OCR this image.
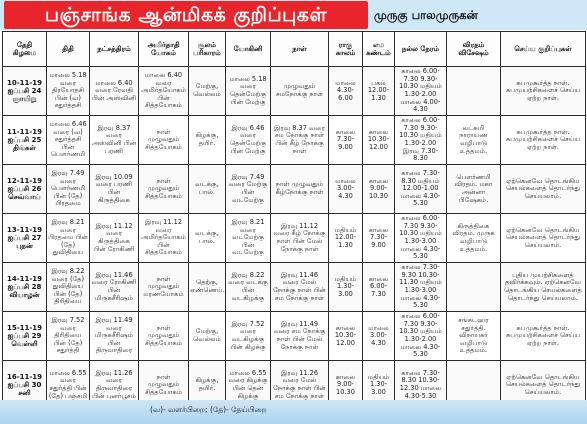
பஞ்சாங்க ஆன்மிகக் குறிப்புகள்	முருகு பாலமுருகன்
தேதி கிழமை	திதி	நட்சத்திரம்	அமிர்தாதி யோகம்	சூலம் பரிகாரம்	யோகினி	நாள்	ராகு காலம்	எம கண்டம்	நல்ல நேரம்	விரதம் விசேஷம்	செய்ய குறிப்புகள்
10-11-19 ஐப்பசி 24 ஞாயிறு	மாலை 5.18 வரை திரயோதசி பின் (வ) சதுர்த்தசி	மாலை 6.40 வரை ரேவதி பின் அஸ்வினி	மாலை 6.40 வரை அமிர்தயோகம் பின் சித்தயோகம்	மேற்கு, வெல்லம்	மாலை 5.18 வரை தென்மேற்கு பின் மேற்கு	முழுவதும் சமநோக்கு நாள்	மாலை 4.30- 6.00	பகல் 12.00- 1.30	காலை 6.00-7.30 9.30-10.30 மதியம் 1.30-2.00 மாலை 4.00-4.30		சுபமுகூர்த்த நாள். சுபமுயற்சிகளைச் செய்ய ஏற்ற நாள்.
11-11-19 ஐப்பசி 25 திங்கள்	மாலை 6.46 வரை (வ) சதுர்த்தசி பின் பௌர்ணமி	இரவு 8.37 வரை அஸ்வினி பின் பரணி	நாள் முழுவதும் சித்தயோகம்	கிழக்கு, தயிர்.	இரவு 6.46 வரை தென்மேற்கு பின் மேற்கு	இரவு 8.37 வரை சம நோக்கு நாள் பின் கீழ் நோக்கு நாள்	காலை 7.30- 9.00	காலை 10.30- 12.00	காலை 6.00-7.30 9.30-10.30 மதியம் 1.30-2.00 இரவு 7.30-8.30	லட்சுமி நாராயண வழிபாடு உத்தமம்.	சுபமுகூர்த்த நாள். சுபமுயற்சிகளைச் செய்ய ஏற்ற நாள்.
12-11-19 ஐப்பசி 26 செவ்வாய்	இரவு 7.49 வரை பௌர்ணமி பின் (தே) பிரதமை	இரவு 10.09 வரை பரணி பின் கிருத்திகை	நாள் முழுவதும் சித்தயோகம்	வடக்கு, பால்.	இரவு 7.49 வரை மேற்கு பின் வடமேற்கு	நாள் முழுவதும் கீழ்நோக்கு நாள்	மாலை 3.00- 4.30	காலை 9.00- 10.30	காலை 7.30-8.30 மதியம் 12.00-1.00 மாலை 4.30-5.30	பௌர்ணமி விரதம். மகா அன்னா பிஷேகம்.	ஏற்கெனவே தொடங்கிய செயல்களைத் தொடர்ந்து செய்யலாம்.
13-11-19 ஐப்பசி 27 புதன்	இரவு 8.21 வரை பிரதமை பின் (தே) துவிதியை	இரவு 11.12 வரை கிருத்திகை பின் ரோகிணி	இரவு 11.12 வரை அமிர்தயோகம் பின் சித்தயோகம்	வடக்கு, பால்.	இரவு 8.21 வரை வடமேற்கு பின் வடமேற்கு	இரவு 11.12 வரை கீழ் நோக்கு நாள் பின் மேல் நோக்கு நாள்	மதியம் 12.00- 1.30	காலை 7.30- 9.00	காலை 6.00-7.30 9.30-10.30 மதியம் 1.30-3.00 மாலை 4.30-5.30	கிருத்திகை விரதம். முருக வழிபாடு உத்தமம்.	ஏற்கெனவே தொடங்கிய செயல்களைத் தொடர்ந்து செய்யலாம்.
14-11-19 ஐப்பசி 28 வியாழன்	இரவு 8.22 வரை (தே) துவிதியை பின் (தே) திரிதியை	இரவு 11.46 வரை ரோகிணி பின் மிருகசீரிஷம்	நாள் முழுவதும் மரணயோகம்	தெற்கு, எண்ணெய்.	இரவு 8.22 வரை வடக்கு பின் வடகிழக்கு	இரவு 11.46 வரை மேல் நோக்கு நாள் பின் சம நோக்கு நாள்	மதியம் 1.30- 3.00	காலை 6.00- 7.30	காலை 7.30-9.30 10.30-11.30 மதியம் 1.30-3.00 மாலை 4.30-5.30		புதிய முயற்சிகளைத் தவிர்க்கவும். ஏற்கெனவே தொடங்கிய செயல்களைத் தொடர்ந்து செய்யலாம்.
15-11-19 ஐப்பசி 29 வெள்ளி	இரவு 7.52 வரை திரிதியை பின் (தே) சதுர்த்தி	இரவு 11.49 வரை மிருகசீரிஷம் பின் திருவாதிரை	நாள் முழுவதும் சித்தயோகம்	மேற்கு, வெல்லம்	இரவு 7.52 வரை வடகிழக்கு பின் கிழக்கு	இரவு 11.49 வரை சம நோக்கு நாள் பின் மேல் நோக்கு நாள்	காலை 10.30- 12.00	மாலை 3.00- 4.30	காலை 6.00-7.30 9.30-10.30 மதியம் 1.30-2.00 மாலை 4.30-5.30	சங்கடஹர சதுர்த்தி. விநாயகர் வழிபாடு உத்தமம்.	சுபமுகூர்த்த நாள். சுபமுயற்சிகளைச் செய்ய ஏற்ற நாள்.
16-11-19 ஐப்பசி 30 சனி	மாலை 6.55 வரை சதுர்த்தி பின் (தே) பஞ்சமி	இரவு 11.26 வரை திருவாதிரை பின் புனர்பூசம்	நாள் முழுவதும் சித்தயோகம்	கிழக்கு, தயிர்.	மாலை 6.55 வரை கிழக்கு பின் தென் கிழக்கு	இரவு 11.26 வரை மேல் நோக்கு நாள் பின் சம நோக்கு நாள்	காலை 9.00- 10.30	மதியம் 1.30- 3.00	காலை 7.30-8.30 10.30-12.30 மாலை 4.30-5.30		ஏற்கெனவே தொடங்கிய செயல்களைத் தொடர்ந்து செய்யலாம்.
(வ)- வளர்பிறை; (தே)- தேய்பிறை
